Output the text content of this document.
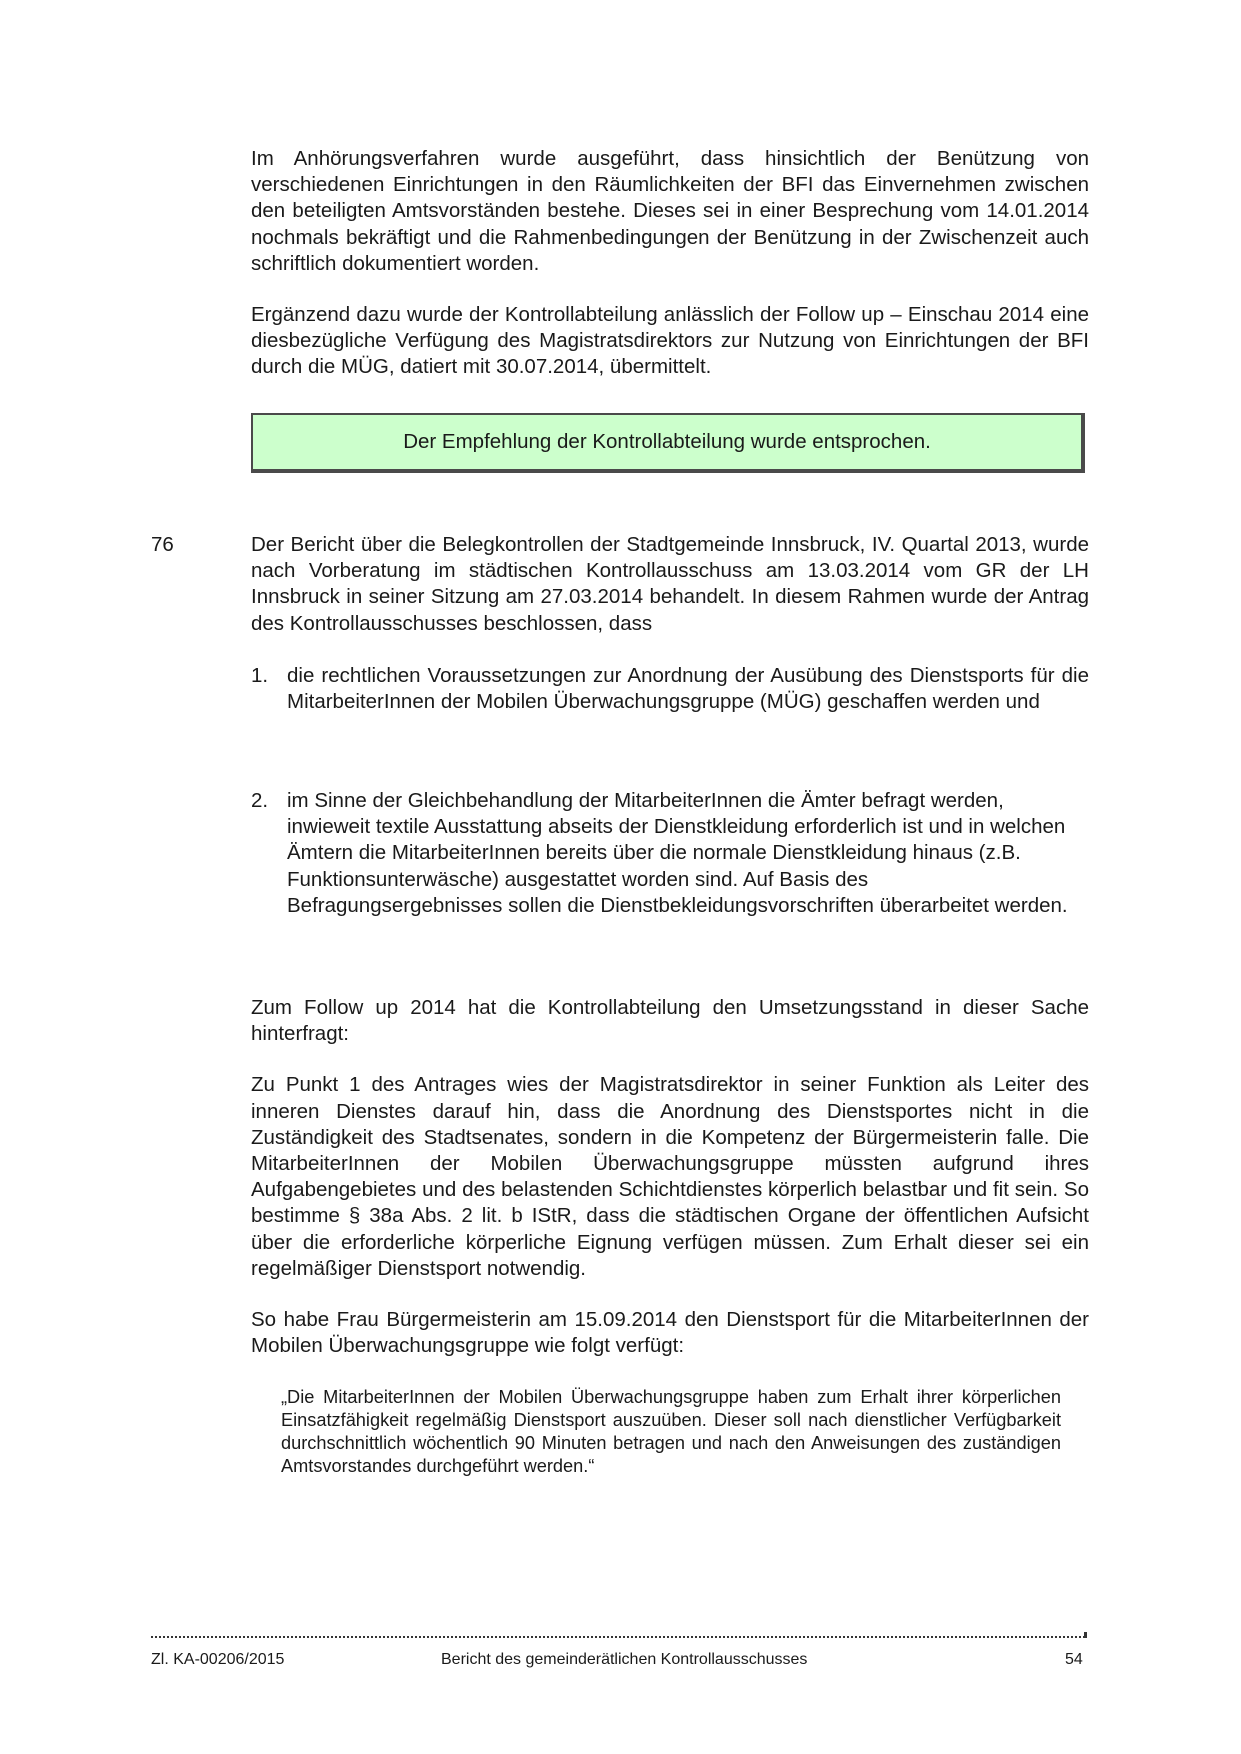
Im Anhörungsverfahren wurde ausgeführt, dass hinsichtlich der Benützung von verschiedenen Einrichtungen in den Räumlichkeiten der BFI das Einvernehmen zwischen den beteiligten Amtsvorständen bestehe. Dieses sei in einer Besprechung vom 14.01.2014 nochmals bekräftigt und die Rahmenbedingungen der Benützung in der Zwischenzeit auch schriftlich dokumentiert worden.

Ergänzend dazu wurde der Kontrollabteilung anlässlich der Follow up – Einschau 2014 eine diesbezügliche Verfügung des Magistratsdirektors zur Nutzung von Einrichtungen der BFI durch die MÜG, datiert mit 30.07.2014, übermittelt.

Der Empfehlung der Kontrollabteilung wurde entsprochen.
76	Der Bericht über die Belegkontrollen der Stadtgemeinde Innsbruck, IV. Quartal 2013, wurde nach Vorberatung im städtischen Kontrollausschuss am 13.03.2014 vom GR der LH Innsbruck in seiner Sitzung am 27.03.2014 behandelt. In diesem Rahmen wurde der Antrag des Kontrollausschusses beschlossen, dass

1. die rechtlichen Voraussetzungen zur Anordnung der Ausübung des Dienstsports für die MitarbeiterInnen der Mobilen Überwachungsgruppe (MÜG) geschaffen werden und
2. im Sinne der Gleichbehandlung der MitarbeiterInnen die Ämter befragt werden, inwieweit textile Ausstattung abseits der Dienstkleidung erforderlich ist und in welchen Ämtern die MitarbeiterInnen bereits über die normale Dienstkleidung hinaus (z.B. Funktionsunterwäsche) ausgestattet worden sind. Auf Basis des Befragungsergebnisses sollen die Dienstbekleidungsvorschriften überarbeitet werden.

Zum Follow up 2014 hat die Kontrollabteilung den Umsetzungsstand in dieser Sache hinterfragt:

Zu Punkt 1 des Antrages wies der Magistratsdirektor in seiner Funktion als Leiter des inneren Dienstes darauf hin, dass die Anordnung des Dienstsportes nicht in die Zuständigkeit des Stadtsenates, sondern in die Kompetenz der Bürgermeisterin falle. Die MitarbeiterInnen der Mobilen Überwachungsgruppe müssten aufgrund ihres Aufgabengebietes und des belastenden Schichtdienstes körperlich belastbar und fit sein. So bestimme § 38a Abs. 2 lit. b IStR, dass die städtischen Organe der öffentlichen Aufsicht über die erforderliche körperliche Eignung verfügen müssen. Zum Erhalt dieser sei ein regelmäßiger Dienstsport notwendig.

So habe Frau Bürgermeisterin am 15.09.2014 den Dienstsport für die MitarbeiterInnen der Mobilen Überwachungsgruppe wie folgt verfügt:

„Die MitarbeiterInnen der Mobilen Überwachungsgruppe haben zum Erhalt ihrer körperlichen Einsatzfähigkeit regelmäßig Dienstsport auszuüben. Dieser soll nach dienstlicher Verfügbarkeit durchschnittlich wöchentlich 90 Minuten betragen und nach den Anweisungen des zuständigen Amtsvorstandes durchgeführt werden.“
Zl. KA-00206/2015	Bericht des gemeinderätlichen Kontrollausschusses	54
